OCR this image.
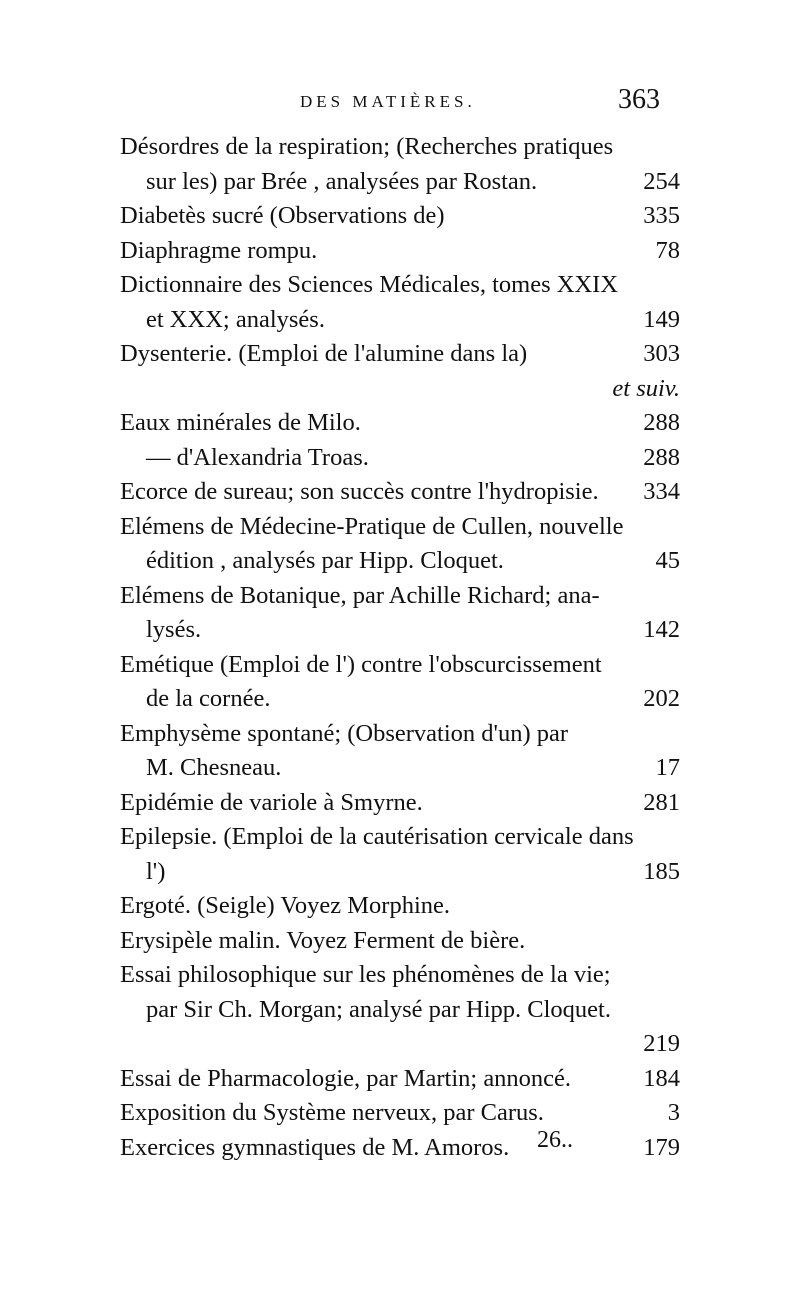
DES MATIÈRES.	363
Désordres de la respiration; (Recherches pratiques
sur les) par Brée , analysées par Rostan.	254
Diabetès sucré (Observations de)	335
Diaphragme rompu.	78
Dictionnaire des Sciences Médicales, tomes XXIX
et XXX; analysés.	149
Dysenterie. (Emploi de l'alumine dans la)	303
et suiv.
Eaux minérales de Milo.	288
— d'Alexandria Troas.	288
Ecorce de sureau; son succès contre l'hydropisie. 334
Elémens de Médecine-Pratique de Cullen, nouvelle
édition , analysés par Hipp. Cloquet.	45
Elémens de Botanique, par Achille Richard; ana-
lysés.	142
Emétique (Emploi de l') contre l'obscurcissement
de la cornée.	202
Emphysème spontané; (Observation d'un) par
M. Chesneau.	17
Epidémie de variole à Smyrne.	281
Epilepsie. (Emploi de la cautérisation cervicale dans
l')	185
Ergoté. (Seigle) Voyez Morphine.
Erysipèle malin. Voyez Ferment de bière.
Essai philosophique sur les phénomènes de la vie;
par Sir Ch. Morgan; analysé par Hipp. Cloquet.
219
Essai de Pharmacologie, par Martin; annoncé.	184
Exposition du Système nerveux, par Carus.	3
Exercices gymnastiques de M. Amoros.	179
26..
